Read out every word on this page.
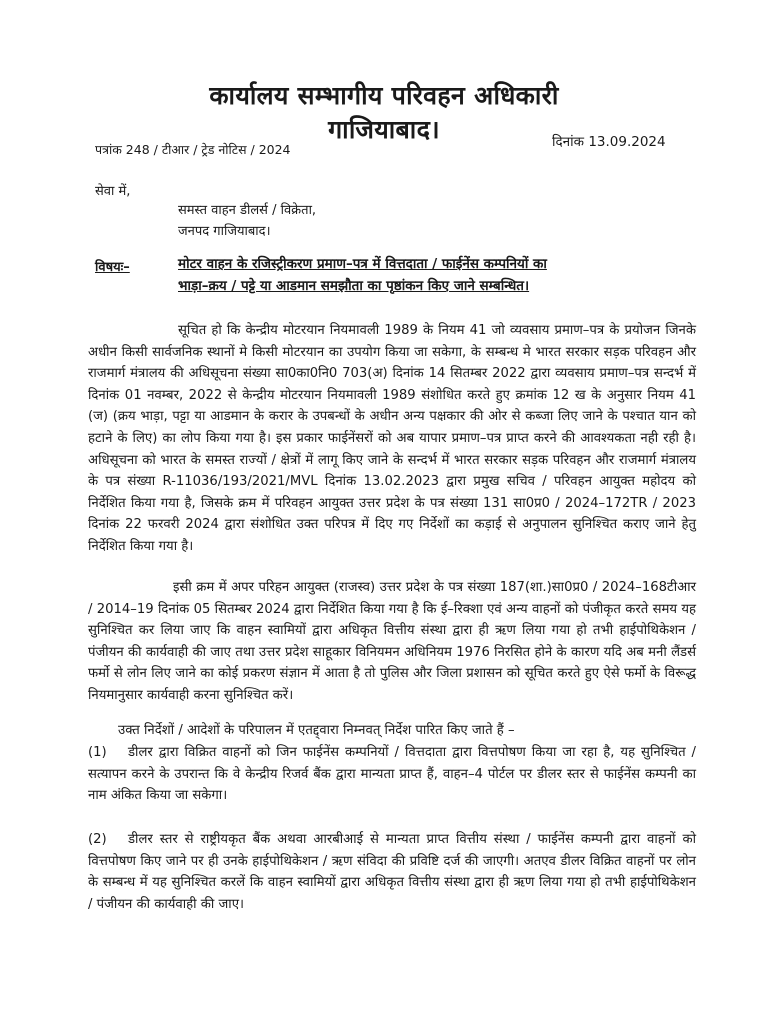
कार्यालय सम्भागीय परिवहन अधिकारी
गाजियाबाद।
पत्रांक 248 / टीआर / ट्रेड नोटिस / 2024	दिनांक 13.09.2024
सेवा में,
समस्त वाहन डीलर्स / विक्रेता,
जनपद गाजियाबाद।
विषयः–	मोटर वाहन के रजिस्ट्रीकरण प्रमाण–पत्र में वित्तदाता / फाईनेंस कम्पनियों का
भाड़ा–क्रय / पट्टे या आडमान समझौता का पृष्ठांकन किए जाने सम्बन्धित।

सूचित हो कि केन्द्रीय मोटरयान नियमावली 1989 के नियम 41 जो व्यवसाय प्रमाण–पत्र के प्रयोजन जिनके अधीन किसी सार्वजनिक स्थानों मे किसी मोटरयान का उपयोग किया जा सकेगा, के सम्बन्ध मे भारत सरकार सड़क परिवहन और राजमार्ग मंत्रालय की अधिसूचना संख्या सा0का0नि0 703(अ) दिनांक 14 सितम्बर 2022 द्वारा व्यवसाय प्रमाण–पत्र सन्दर्भ में दिनांक 01 नवम्बर, 2022 से केन्द्रीय मोटरयान नियमावली 1989 संशोधित करते हुए क्रमांक 12 ख के अनुसार नियम 41 (ज) (क्रय भाड़ा, पट्टा या आडमान के करार के उपबन्धों के अधीन अन्य पक्षकार की ओर से कब्जा लिए जाने के पश्चात यान को हटाने के लिए) का लोप किया गया है। इस प्रकार फाईनेंसरों को अब यापार प्रमाण–पत्र प्राप्त करने की आवश्यकता नही रही है। अधिसूचना को भारत के समस्त राज्यों / क्षेत्रों में लागू किए जाने के सन्दर्भ में भारत सरकार सड़क परिवहन और राजमार्ग मंत्रालय के पत्र संख्या R-11036/193/2021/MVL दिनांक 13.02.2023 द्वारा प्रमुख सचिव / परिवहन आयुक्त महोदय को निर्देशित किया गया है, जिसके क्रम में परिवहन आयुक्त उत्तर प्रदेश के पत्र संख्या 131 सा0प्र0 / 2024–172TR / 2023 दिनांक 22 फरवरी 2024 द्वारा संशोधित उक्त परिपत्र में दिए गए निर्देशों का कड़ाई से अनुपालन सुनिश्चित कराए जाने हेतु निर्देशित किया गया है।

इसी क्रम में अपर परिहन आयुक्त (राजस्व) उत्तर प्रदेश के पत्र संख्या 187(शा.)सा0प्र0 / 2024–168टीआर / 2014–19 दिनांक 05 सितम्बर 2024 द्वारा निर्देशित किया गया है कि ई–रिक्शा एवं अन्य वाहनों को पंजीकृत करते समय यह सुनिश्चित कर लिया जाए कि वाहन स्वामियों द्वारा अधिकृत वित्तीय संस्था द्वारा ही ऋण लिया गया हो तभी हाईपोथिकेशन / पंजीयन की कार्यवाही की जाए तथा उत्तर प्रदेश साहूकार विनियमन अधिनियम 1976 निरसित होने के कारण यदि अब मनी लैंडर्स फर्मो से लोन लिए जाने का कोई प्रकरण संज्ञान में आता है तो पुलिस और जिला प्रशासन को सूचित करते हुए ऐसे फर्मो के विरूद्ध नियमानुसार कार्यवाही करना सुनिश्चित करें।

उक्त निर्देशों / आदेशों के परिपालन में एतद्द्वारा निम्नवत् निर्देश पारित किए जाते हैं –

(1) डीलर द्वारा विक्रित वाहनों को जिन फाईनेंस कम्पनियों / वित्तदाता द्वारा वित्तपोषण किया जा रहा है, यह सुनिश्चित / सत्यापन करने के उपरान्त कि वे केन्द्रीय रिजर्व बैंक द्वारा मान्यता प्राप्त हैं, वाहन–4 पोर्टल पर डीलर स्तर से फाईनेंस कम्पनी का नाम अंकित किया जा सकेगा।

(2) डीलर स्तर से राष्ट्रीयकृत बैंक अथवा आरबीआई से मान्यता प्राप्त वित्तीय संस्था / फाईनेंस कम्पनी द्वारा वाहनों को वित्तपोषण किए जाने पर ही उनके हाईपोथिकेशन / ऋण संविदा की प्रविष्टि दर्ज की जाएगी। अतएव डीलर विक्रित वाहनों पर लोन के सम्बन्ध में यह सुनिश्चित करलें कि वाहन स्वामियों द्वारा अधिकृत वित्तीय संस्था द्वारा ही ऋण लिया गया हो तभी हाईपोथिकेशन / पंजीयन की कार्यवाही की जाए।
